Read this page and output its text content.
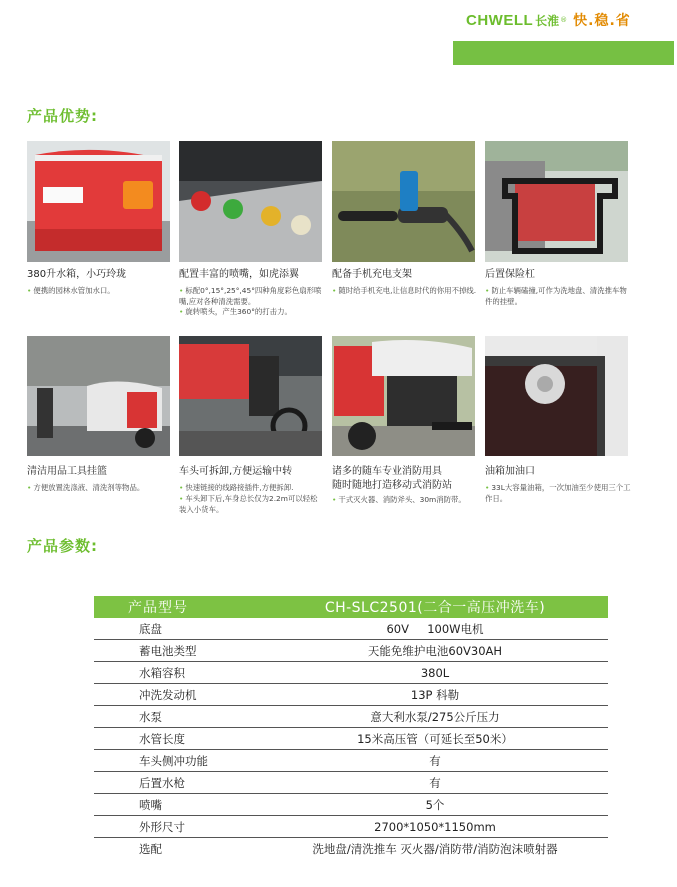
CHWELL 长淮 ® 快.稳.省
产品优势:
380升水箱，小巧玲珑
• 便携的园林水管加水口。
配置丰富的喷嘴，如虎添翼
• 标配0°,15°,25°,45°四种角度彩色扇形喷嘴,应对各种清洗需要。
• 旋转喷头，产生360°的打击力。
配备手机充电支架
• 随时给手机充电,让信息时代的你用不掉线.
后置保险杠
• 防止车辆磕撞,可作为洗地盘、清洗推车物件的挂壁。
清洁用品工具挂篮
• 方便放置洗涤液、清洗剂等物品。
车头可拆卸,方便运输中转
• 快速链接的线路接插件,方便拆卸.
• 车头卸下后,车身总长仅为2.2m可以轻松装入小货车。
诸多的随车专业消防用具
随时随地打造移动式消防站
• 干式灭火器、消防斧头、30m消防带。
油箱加油口
• 33L大容量油箱，一次加油至少使用三个工作日。
产品参数:
产品型号	CH-SLC2501(二合一高压冲洗车)
底盘	60V     100W电机
蓄电池类型	天能免维护电池60V30AH
水箱容积	380L
冲洗发动机	13P 科勒
水泵	意大利水泵/275公斤压力
水管长度	15米高压管（可延长至50米）
车头侧冲功能	有
后置水枪	有
喷嘴	5个
外形尺寸	2700*1050*1150mm
选配	洗地盘/清洗推车 灭火器/消防带/消防泡沫喷射器
